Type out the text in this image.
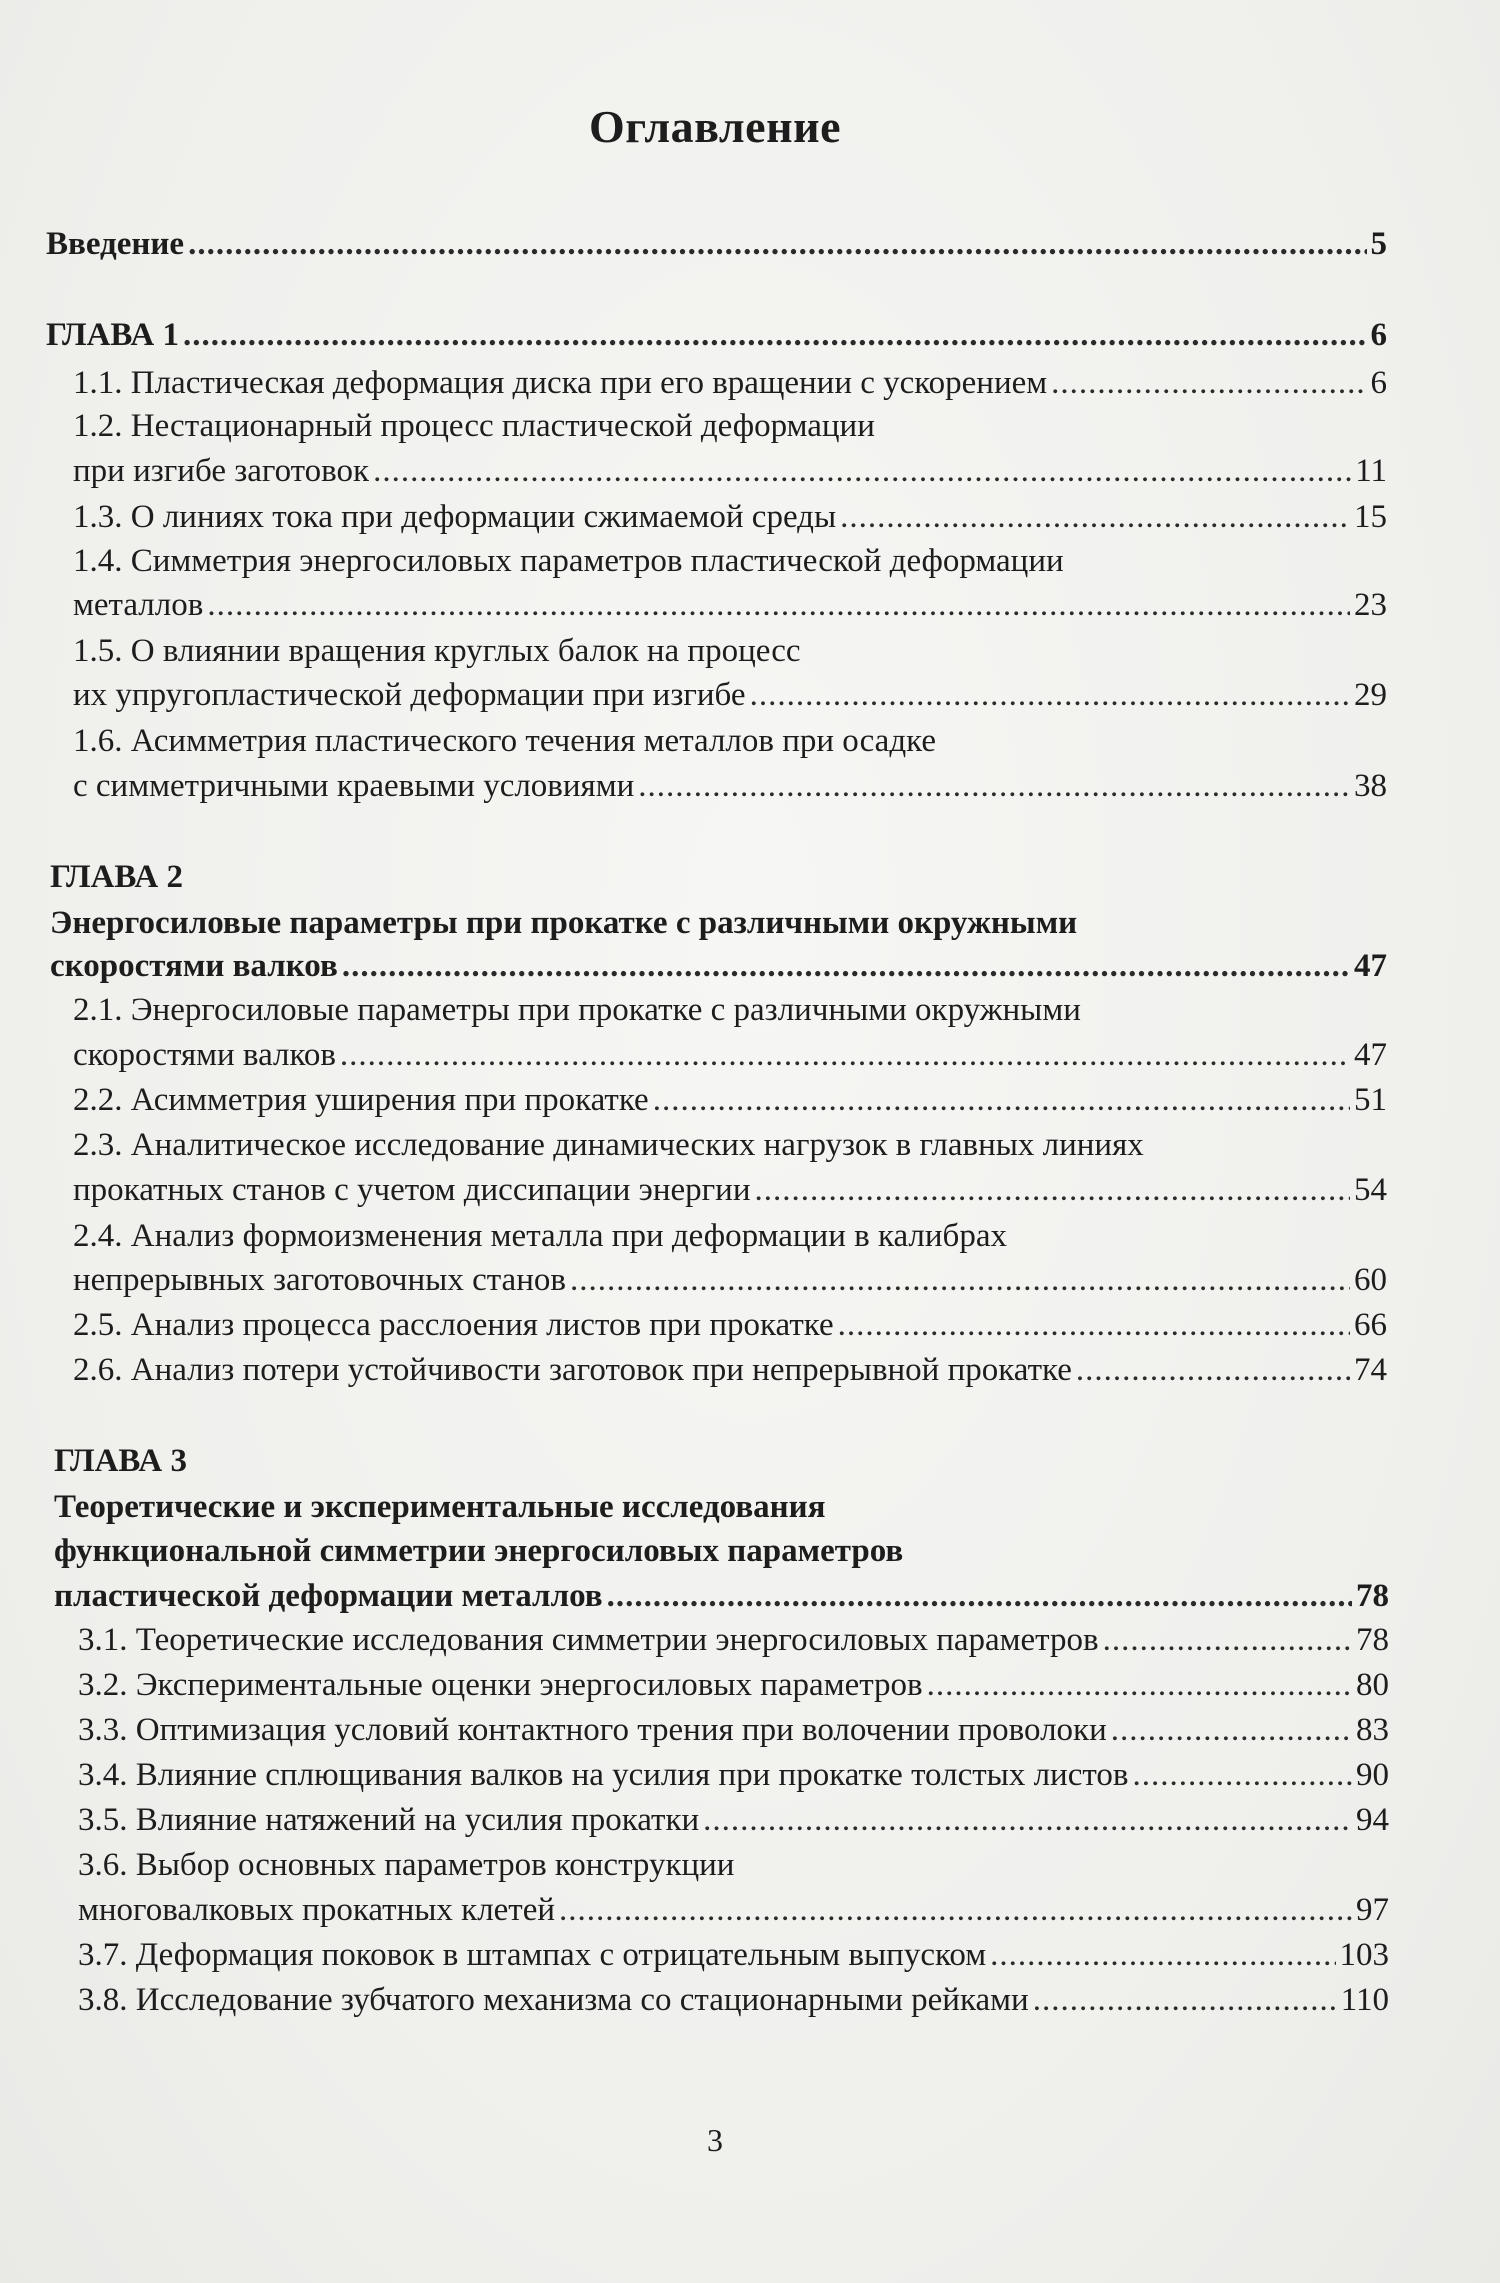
Оглавление
Введение .....	5
ГЛАВА 1 .....	6
1.1. Пластическая деформация диска при его вращении с ускорением .....	6
1.2. Нестационарный процесс пластической деформации
при изгибе заготовок .....	11
1.3. О линиях тока при деформации сжимаемой среды .....	15
1.4. Симметрия энергосиловых параметров пластической деформации
металлов .....	23
1.5. О влиянии вращения круглых балок на процесс
их упругопластической деформации при изгибе .....	29
1.6. Асимметрия пластического течения металлов при осадке
с симметричными краевыми условиями .....	38
ГЛАВА 2
Энергосиловые параметры при прокатке с различными окружными
скоростями валков .....	47
2.1. Энергосиловые параметры при прокатке с различными окружными
скоростями валков .....	47
2.2. Асимметрия уширения при прокатке .....	51
2.3. Аналитическое исследование динамических нагрузок в главных линиях
прокатных станов с учетом диссипации энергии .....	54
2.4. Анализ формоизменения металла при деформации в калибрах
непрерывных заготовочных станов .....	60
2.5. Анализ процесса расслоения листов при прокатке .....	66
2.6. Анализ потери устойчивости заготовок при непрерывной прокатке .....	74
ГЛАВА 3
Теоретические и экспериментальные исследования
функциональной симметрии энергосиловых параметров
пластической деформации металлов .....	78
3.1. Теоретические исследования симметрии энергосиловых параметров .....	78
3.2. Экспериментальные оценки энергосиловых параметров .....	80
3.3. Оптимизация условий контактного трения при волочении проволоки .....	83
3.4. Влияние сплющивания валков на усилия при прокатке толстых листов .....	90
3.5. Влияние натяжений на усилия прокатки .....	94
3.6. Выбор основных параметров конструкции
многовалковых прокатных клетей .....	97
3.7. Деформация поковок в штампах с отрицательным выпуском .....	103
3.8. Исследование зубчатого механизма со стационарными рейками .....	110
3
